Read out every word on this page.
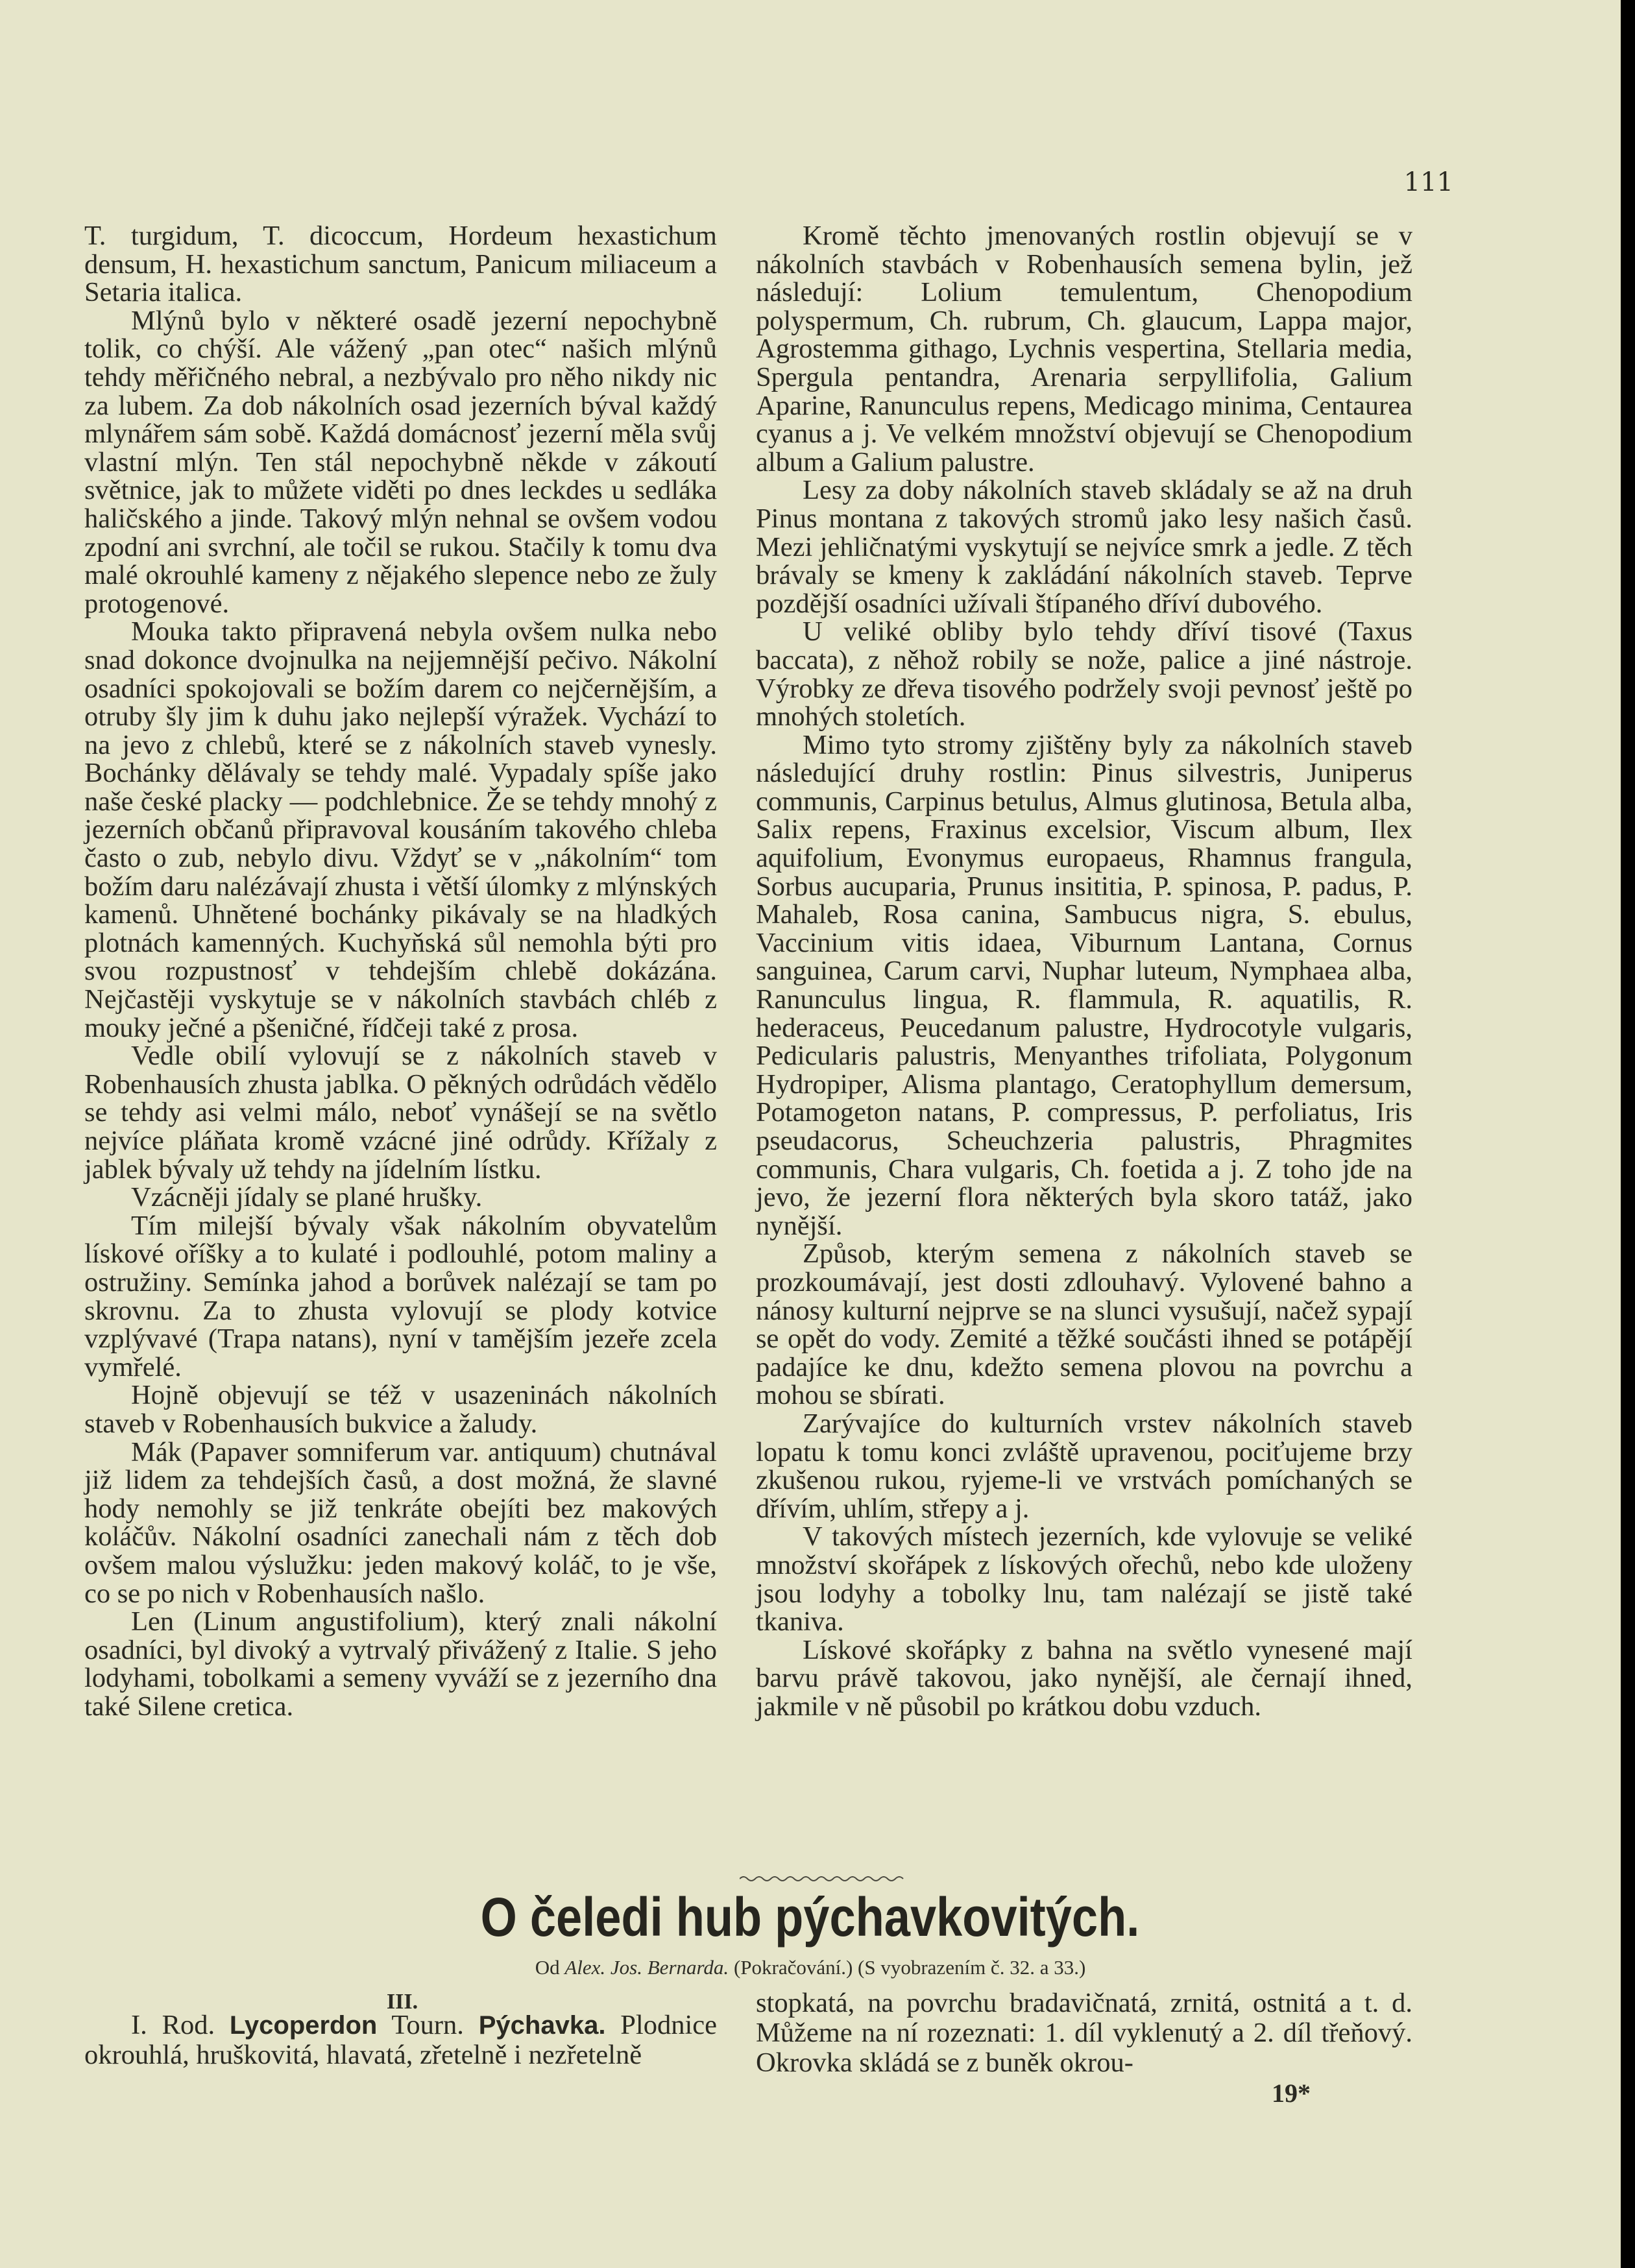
111

T. turgidum, T. dicoccum, Hordeum hexastichum densum, H. hexastichum sanctum, Panicum miliaceum a Setaria italica.

Mlýnů bylo v některé osadě jezerní nepochybně tolik, co chýší. Ale vážený „pan otec“ našich mlýnů tehdy měřičného nebral, a nezbývalo pro něho nikdy nic za lubem. Za dob nákolních osad jezerních býval každý mlynářem sám sobě. Každá domácnosť jezerní měla svůj vlastní mlýn. Ten stál nepochybně někde v zákoutí světnice, jak to můžete viděti po dnes leckdes u sedláka haličského a jinde. Takový mlýn nehnal se ovšem vodou zpodní ani svrchní, ale točil se rukou. Stačily k tomu dva malé okrouhlé kameny z nějakého slepence nebo ze žuly protogenové.

Mouka takto připravená nebyla ovšem nulka nebo snad dokonce dvojnulka na nejjemnější pečivo. Nákolní osadníci spokojovali se božím darem co nejčernějším, a otruby šly jim k duhu jako nejlepší výražek. Vychází to na jevo z chlebů, které se z nákolních staveb vynesly. Bochánky dělávaly se tehdy malé. Vypadaly spíše jako naše české placky — podchlebnice. Že se tehdy mnohý z jezerních občanů připravoval kousáním takového chleba často o zub, nebylo divu. Vždyť se v „nákolním“ tom božím daru nalézávají zhusta i větší úlomky z mlýnských kamenů. Uhnětené bochánky pikávaly se na hladkých plotnách kamenných. Kuchyňská sůl nemohla býti pro svou rozpustnosť v tehdejším chlebě dokázána. Nejčastěji vyskytuje se v nákolních stavbách chléb z mouky ječné a pšeničné, řídčeji také z prosa.

Vedle obilí vylovují se z nákolních staveb v Robenhausích zhusta jablka. O pěkných odrůdách vědělo se tehdy asi velmi málo, neboť vynášejí se na světlo nejvíce pláňata kromě vzácné jiné odrůdy. Křížaly z jablek bývaly už tehdy na jídelním lístku.

Vzácněji jídaly se plané hrušky.

Tím milejší bývaly však nákolním obyvatelům lískové oříšky a to kulaté i podlouhlé, potom maliny a ostružiny. Semínka jahod a borůvek nalézají se tam po skrovnu. Za to zhusta vylovují se plody kotvice vzplývavé (Trapa natans), nyní v tamějším jezeře zcela vymřelé.

Hojně objevují se též v usazeninách nákolních staveb v Robenhausích bukvice a žaludy.

Mák (Papaver somniferum var. antiquum) chutnával již lidem za tehdejších časů, a dost možná, že slavné hody nemohly se již tenkráte obejíti bez makových koláčův. Nákolní osadníci zanechali nám z těch dob ovšem malou výslužku: jeden makový koláč, to je vše, co se po nich v Robenhausích našlo.

Len (Linum angustifolium), který znali nákolní osadníci, byl divoký a vytrvalý přivážený z Italie. S jeho lodyhami, tobolkami a semeny vyváží se z jezerního dna také Silene cretica.

Kromě těchto jmenovaných rostlin objevují se v nákolních stavbách v Robenhausích semena bylin, jež následují: Lolium temulentum, Chenopodium polyspermum, Ch. rubrum, Ch. glaucum, Lappa major, Agrostemma githago, Lychnis vespertina, Stellaria media, Spergula pentandra, Arenaria serpyllifolia, Galium Aparine, Ranunculus repens, Medicago minima, Centaurea cyanus a j. Ve velkém množství objevují se Chenopodium album a Galium palustre.

Lesy za doby nákolních staveb skládaly se až na druh Pinus montana z takových stromů jako lesy našich časů. Mezi jehličnatými vyskytují se nejvíce smrk a jedle. Z těch brávaly se kmeny k zakládání nákolních staveb. Teprve pozdější osadníci užívali štípaného dříví dubového.

U veliké obliby bylo tehdy dříví tisové (Taxus baccata), z něhož robily se nože, palice a jiné nástroje. Výrobky ze dřeva tisového podržely svoji pevnosť ještě po mnohých stoletích.

Mimo tyto stromy zjištěny byly za nákolních staveb následující druhy rostlin: Pinus silvestris, Juniperus communis, Carpinus betulus, Almus glutinosa, Betula alba, Salix repens, Fraxinus excelsior, Viscum album, Ilex aquifolium, Evonymus europaeus, Rhamnus frangula, Sorbus aucuparia, Prunus insititia, P. spinosa, P. padus, P. Mahaleb, Rosa canina, Sambucus nigra, S. ebulus, Vaccinium vitis idaea, Viburnum Lantana, Cornus sanguinea, Carum carvi, Nuphar luteum, Nymphaea alba, Ranunculus lingua, R. flammula, R. aquatilis, R. hederaceus, Peucedanum palustre, Hydrocotyle vulgaris, Pedicularis palustris, Menyanthes trifoliata, Polygonum Hydropiper, Alisma plantago, Ceratophyllum demersum, Potamogeton natans, P. compressus, P. perfoliatus, Iris pseudacorus, Scheuchzeria palustris, Phragmites communis, Chara vulgaris, Ch. foetida a j. Z toho jde na jevo, že jezerní flora některých byla skoro tatáž, jako nynější.

Způsob, kterým semena z nákolních staveb se prozkoumávají, jest dosti zdlouhavý. Vylovené bahno a nánosy kulturní nejprve se na slunci vysušují, načež sypají se opět do vody. Zemité a těžké součásti ihned se potápějí padajíce ke dnu, kdežto semena plovou na povrchu a mohou se sbírati.

Zarývajíce do kulturních vrstev nákolních staveb lopatu k tomu konci zvláště upravenou, pociťujeme brzy zkušenou rukou, ryjeme-li ve vrstvách pomíchaných se dřívím, uhlím, střepy a j.

V takových místech jezerních, kde vylovuje se veliké množství skořápek z lískových ořechů, nebo kde uloženy jsou lodyhy a tobolky lnu, tam nalézají se jistě také tkaniva.

Lískové skořápky z bahna na světlo vynesené mají barvu právě takovou, jako nynější, ale černají ihned, jakmile v ně působil po krátkou dobu vzduch.

O čeledi hub pýchavkovitých.
Od Alex. Jos. Bernarda. (Pokračování.) (S vyobrazením č. 32. a 33.)
III.

I. Rod. Lycoperdon Tourn. Pýchavka. Plodnice okrouhlá, hruškovitá, hlavatá, zřetelně i nezřetelně

stopkatá, na povrchu bradavičnatá, zrnitá, ostnitá a t. d. Můžeme na ní rozeznati: 1. díl vyklenutý a 2. díl třeňový. Okrovka skládá se z buněk okrou-

19*
